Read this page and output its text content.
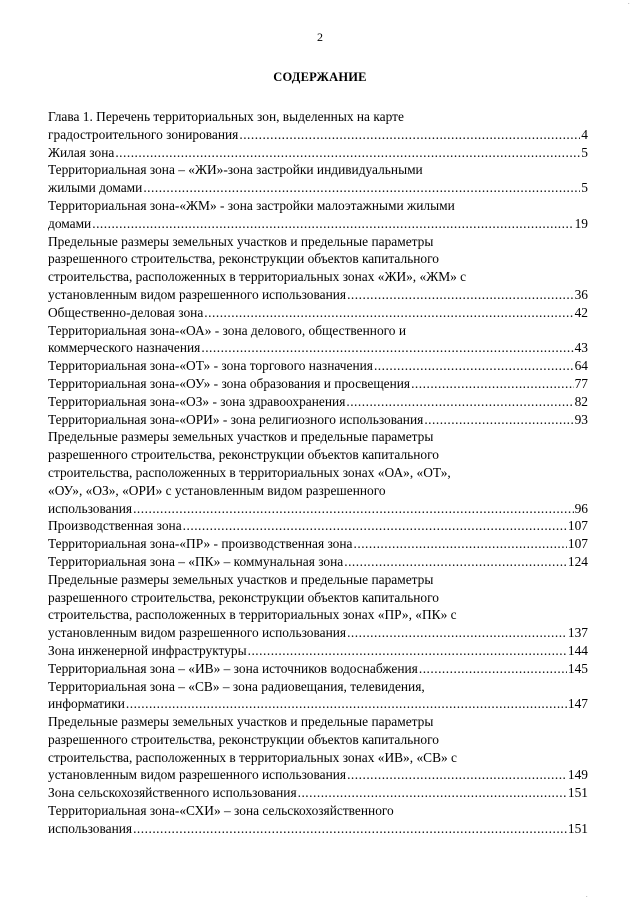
2
СОДЕРЖАНИЕ
Глава 1. Перечень территориальных зон, выделенных на карте
градостроительного зонирования .....	4
Жилая зона .....	5
Территориальная зона – «ЖИ»-зона застройки индивидуальными
жилыми домами .....	5
Территориальная зона-«ЖМ» - зона застройки малоэтажными жилыми
домами .....	19
Предельные размеры земельных участков и предельные параметры
разрешенного строительства, реконструкции объектов капитального
строительства, расположенных в территориальных зонах «ЖИ», «ЖМ» с
установленным видом разрешенного использования .....	36
Общественно-деловая зона .....	42
Территориальная зона-«ОА» - зона делового, общественного и
коммерческого назначения .....	43
Территориальная зона-«ОТ» - зона торгового назначения .....	64
Территориальная зона-«ОУ» - зона образования и просвещения .....	77
Территориальная зона-«ОЗ» - зона здравоохранения .....	82
Территориальная зона-«ОРИ» - зона религиозного использования .....	93
Предельные размеры земельных участков и предельные параметры
разрешенного строительства, реконструкции объектов капитального
строительства, расположенных в территориальных зонах «ОА», «ОТ»,
«ОУ», «ОЗ», «ОРИ» с установленным видом разрешенного
использования .....	96
Производственная зона .....	107
Территориальная зона-«ПР» - производственная зона .....	107
Территориальная зона – «ПК» – коммунальная зона .....	124
Предельные размеры земельных участков и предельные параметры
разрешенного строительства, реконструкции объектов капитального
строительства, расположенных в территориальных зонах «ПР», «ПК» с
установленным видом разрешенного использования .....	137
Зона инженерной инфраструктуры .....	144
Территориальная зона – «ИВ» – зона источников водоснабжения .....	145
Территориальная зона – «СВ» – зона радиовещания, телевидения,
информатики .....	147
Предельные размеры земельных участков и предельные параметры
разрешенного строительства, реконструкции объектов капитального
строительства, расположенных в территориальных зонах «ИВ», «СВ» с
установленным видом разрешенного использования .....	149
Зона сельскохозяйственного использования .....	151
Территориальная зона-«СХИ» – зона сельскохозяйственного
использования .....	151
·
·
